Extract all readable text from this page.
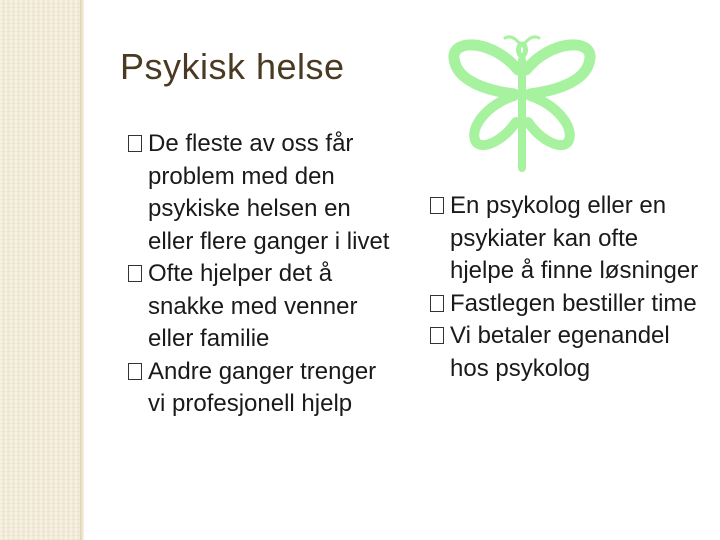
Psykisk helse

De fleste av oss får problem med den psykiske helsen en eller flere ganger i livet

Ofte hjelper det å snakke med venner eller familie

Andre ganger trenger vi profesjonell hjelp

En psykolog eller en psykiater kan ofte hjelpe å finne løsninger

Fastlegen bestiller time

Vi betaler egenandel hos psykolog
